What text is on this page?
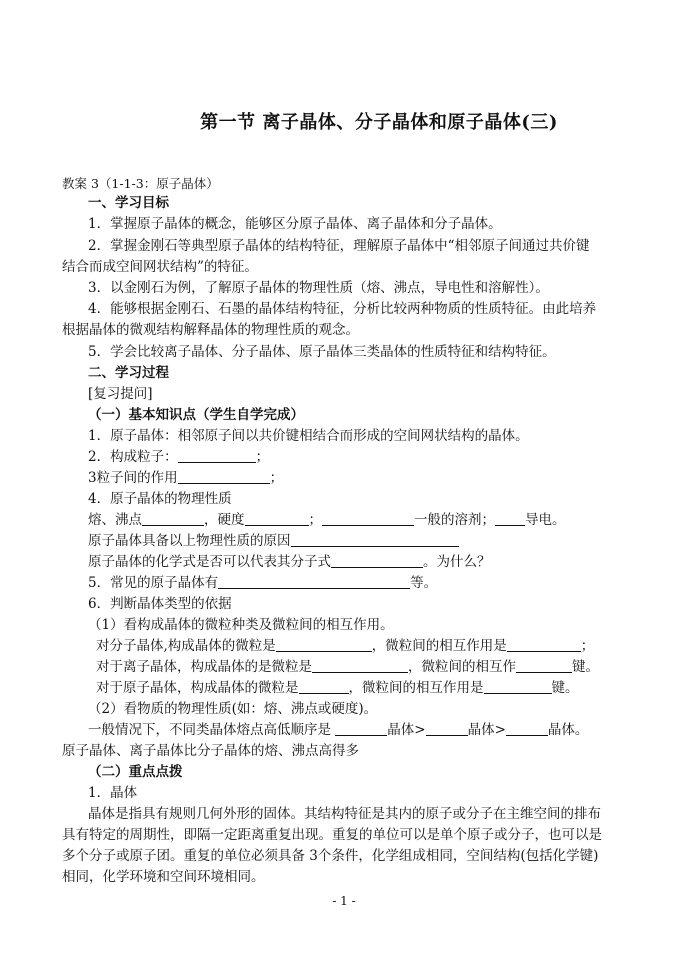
第一节 离子晶体、分子晶体和原子晶体(三)
教案 3（1-1-3：原子晶体）
一、学习目标
1．掌握原子晶体的概念，能够区分原子晶体、离子晶体和分子晶体。
2．掌握金刚石等典型原子晶体的结构特征，理解原子晶体中“相邻原子间通过共价键
结合而成空间网状结构”的特征。
3．以金刚石为例，了解原子晶体的物理性质（熔、沸点，导电性和溶解性）。
4．能够根据金刚石、石墨的晶体结构特征，分析比较两种物质的性质特征。由此培养
根据晶体的微观结构解释晶体的物理性质的观念。
5．学会比较离子晶体、分子晶体、原子晶体三类晶体的性质特征和结构特征。
二、学习过程
[复习提问]
（一）基本知识点（学生自学完成）
1．原子晶体：相邻原子间以共价键相结合而形成的空间网状结构的晶体。
2．构成粒子：	；
3粒子间的作用	；
4．原子晶体的物理性质
熔、沸点	，硬度	；	一般的溶剂； 导电。
原子晶体具备以上物理性质的原因
原子晶体的化学式是否可以代表其分子式	。为什么？
5．常见的原子晶体有	等。
6．判断晶体类型的依据
（1）看构成晶体的微粒种类及微粒间的相互作用。
对分子晶体,构成晶体的微粒是	，微粒间的相互作用是	；
对于离子晶体，构成晶体的是微粒是	，微粒间的相互作	键。
对于原子晶体，构成晶体的微粒是	，微粒间的相互作用是	键。
（2）看物质的物理性质(如：熔、沸点或硬度)。
一般情况下，不同类晶体熔点高低顺序是	晶体>	晶体>	晶体。
原子晶体、离子晶体比分子晶体的熔、沸点高得多
（二）重点点拨
1．晶体
晶体是指具有规则几何外形的固体。其结构特征是其内的原子或分子在主维空间的排布
具有特定的周期性，即隔一定距离重复出现。重复的单位可以是单个原子或分子，也可以是
多个分子或原子团。重复的单位必须具备 3个条件，化学组成相同，空间结构(包括化学键)
相同，化学环境和空间环境相同。
- 1 -
